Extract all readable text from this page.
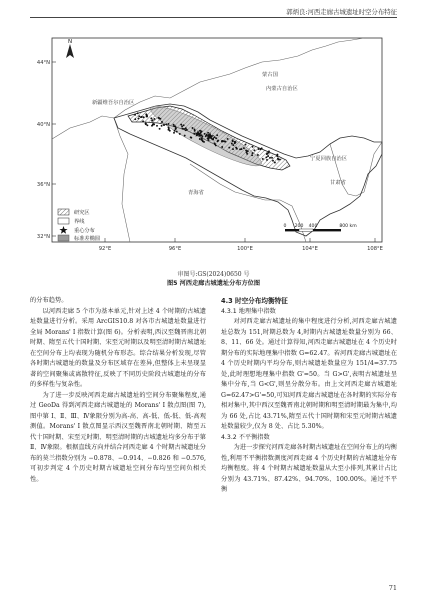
郭炳良:河西走廊古城遗址时空分布特征
44°N
40°N
36°N
32°N
92°E	96°E	100°E	104°E	108°E
N
蒙古国
新疆维吾尔自治区
内蒙古自治区
宁夏回族自治区
甘肃省
青海省
研究区
界线
重心分布
标准差椭圆
0 200 400	800 km
审图号:GS(2024)0650 号
图5 河西走廊古城遗址分布方位图

的分布趋势。

以河西走廊 5 个市为基本单元,针对上述 4 个时期的古城遗址数量进行分析。采用 ArcGIS10.8 对各市古城遗址数量进行全局 Morans' I 指数计算(图 6)。分析表明,西汉至魏晋南北朝时期、隋至五代十国时期、宋至元时期以及明至清时期古城遗址在空间分布上均表现为随机分布形态。综合结果分析发现,尽管各时期古城遗址的数量及分布区域存在差异,但整体上未呈现显著的空间聚集或离散特征,反映了不同历史阶段古城遗址的分布的多样性与复杂性。

为了进一步反映河西走廊古城遗址的空间分布聚集程度,通过 GeoDa 得到河西走廊古城遗址的 Morans' I 散点图(图 7),图中第 Ⅰ、Ⅱ、Ⅲ、Ⅳ象限分别为高-高、高-低、低-低、低-高观测值。Morans' I 散点图显示西汉至魏晋南北朝时期、隋至五代十国时期、宋至元时期、明至清时期的古城遗址均多分布于第 Ⅱ、Ⅳ象限。根据直线方向并结合河西走廊 4 个时期古城遗址分布的莫兰指数分别为 −0.878、−0.914、−0.826 和 −0.576,可初步判定 4 个历史时期古城遗址空间分布均呈空间负相关性。

4.3 时空分布均衡特征
4.3.1 地理集中指数

对河西走廊古城遗址的集中程度进行分析,河西走廊古城遗址总数为 151,时期总数为 4,时期内古城遗址数量分别为 66、8、11、66 处。通过计算得知,河西走廊古城遗址在 4 个历史时期分布的实际地理集中指数 G=62.47。若河西走廊古城遗址在 4 个历史时期内平均分布,则古城遗址数量应为 151/4=37.75 处,此时理想地理集中指数 G'=50。当 G>G',表明古城遗址呈集中分布,当 G<G',则呈分散分布。由上文河西走廊古城遗址 G=62.47>G'=50,可知河西走廊古城遗址在各时期的实际分布相对集中,其中西汉至魏晋南北朝时期和明至清时期最为集中,均为 66 处,占比 43.71%,隋至五代十国时期和宋至元时期古城遗址数量较少,仅为 8 处、占比 5.30%。

4.3.2 不平衡指数

为进一步探究河西走廊各时期古城遗址在空间分布上的均衡性,利用不平衡指数测度河西走廊 4 个历史时期的古城遗址分布均衡程度。将 4 个时期古城遗址数量从大至小排列,其累计占比分别为 43.71%、87.42%、94.70%、100.00%。通过不平衡

71
